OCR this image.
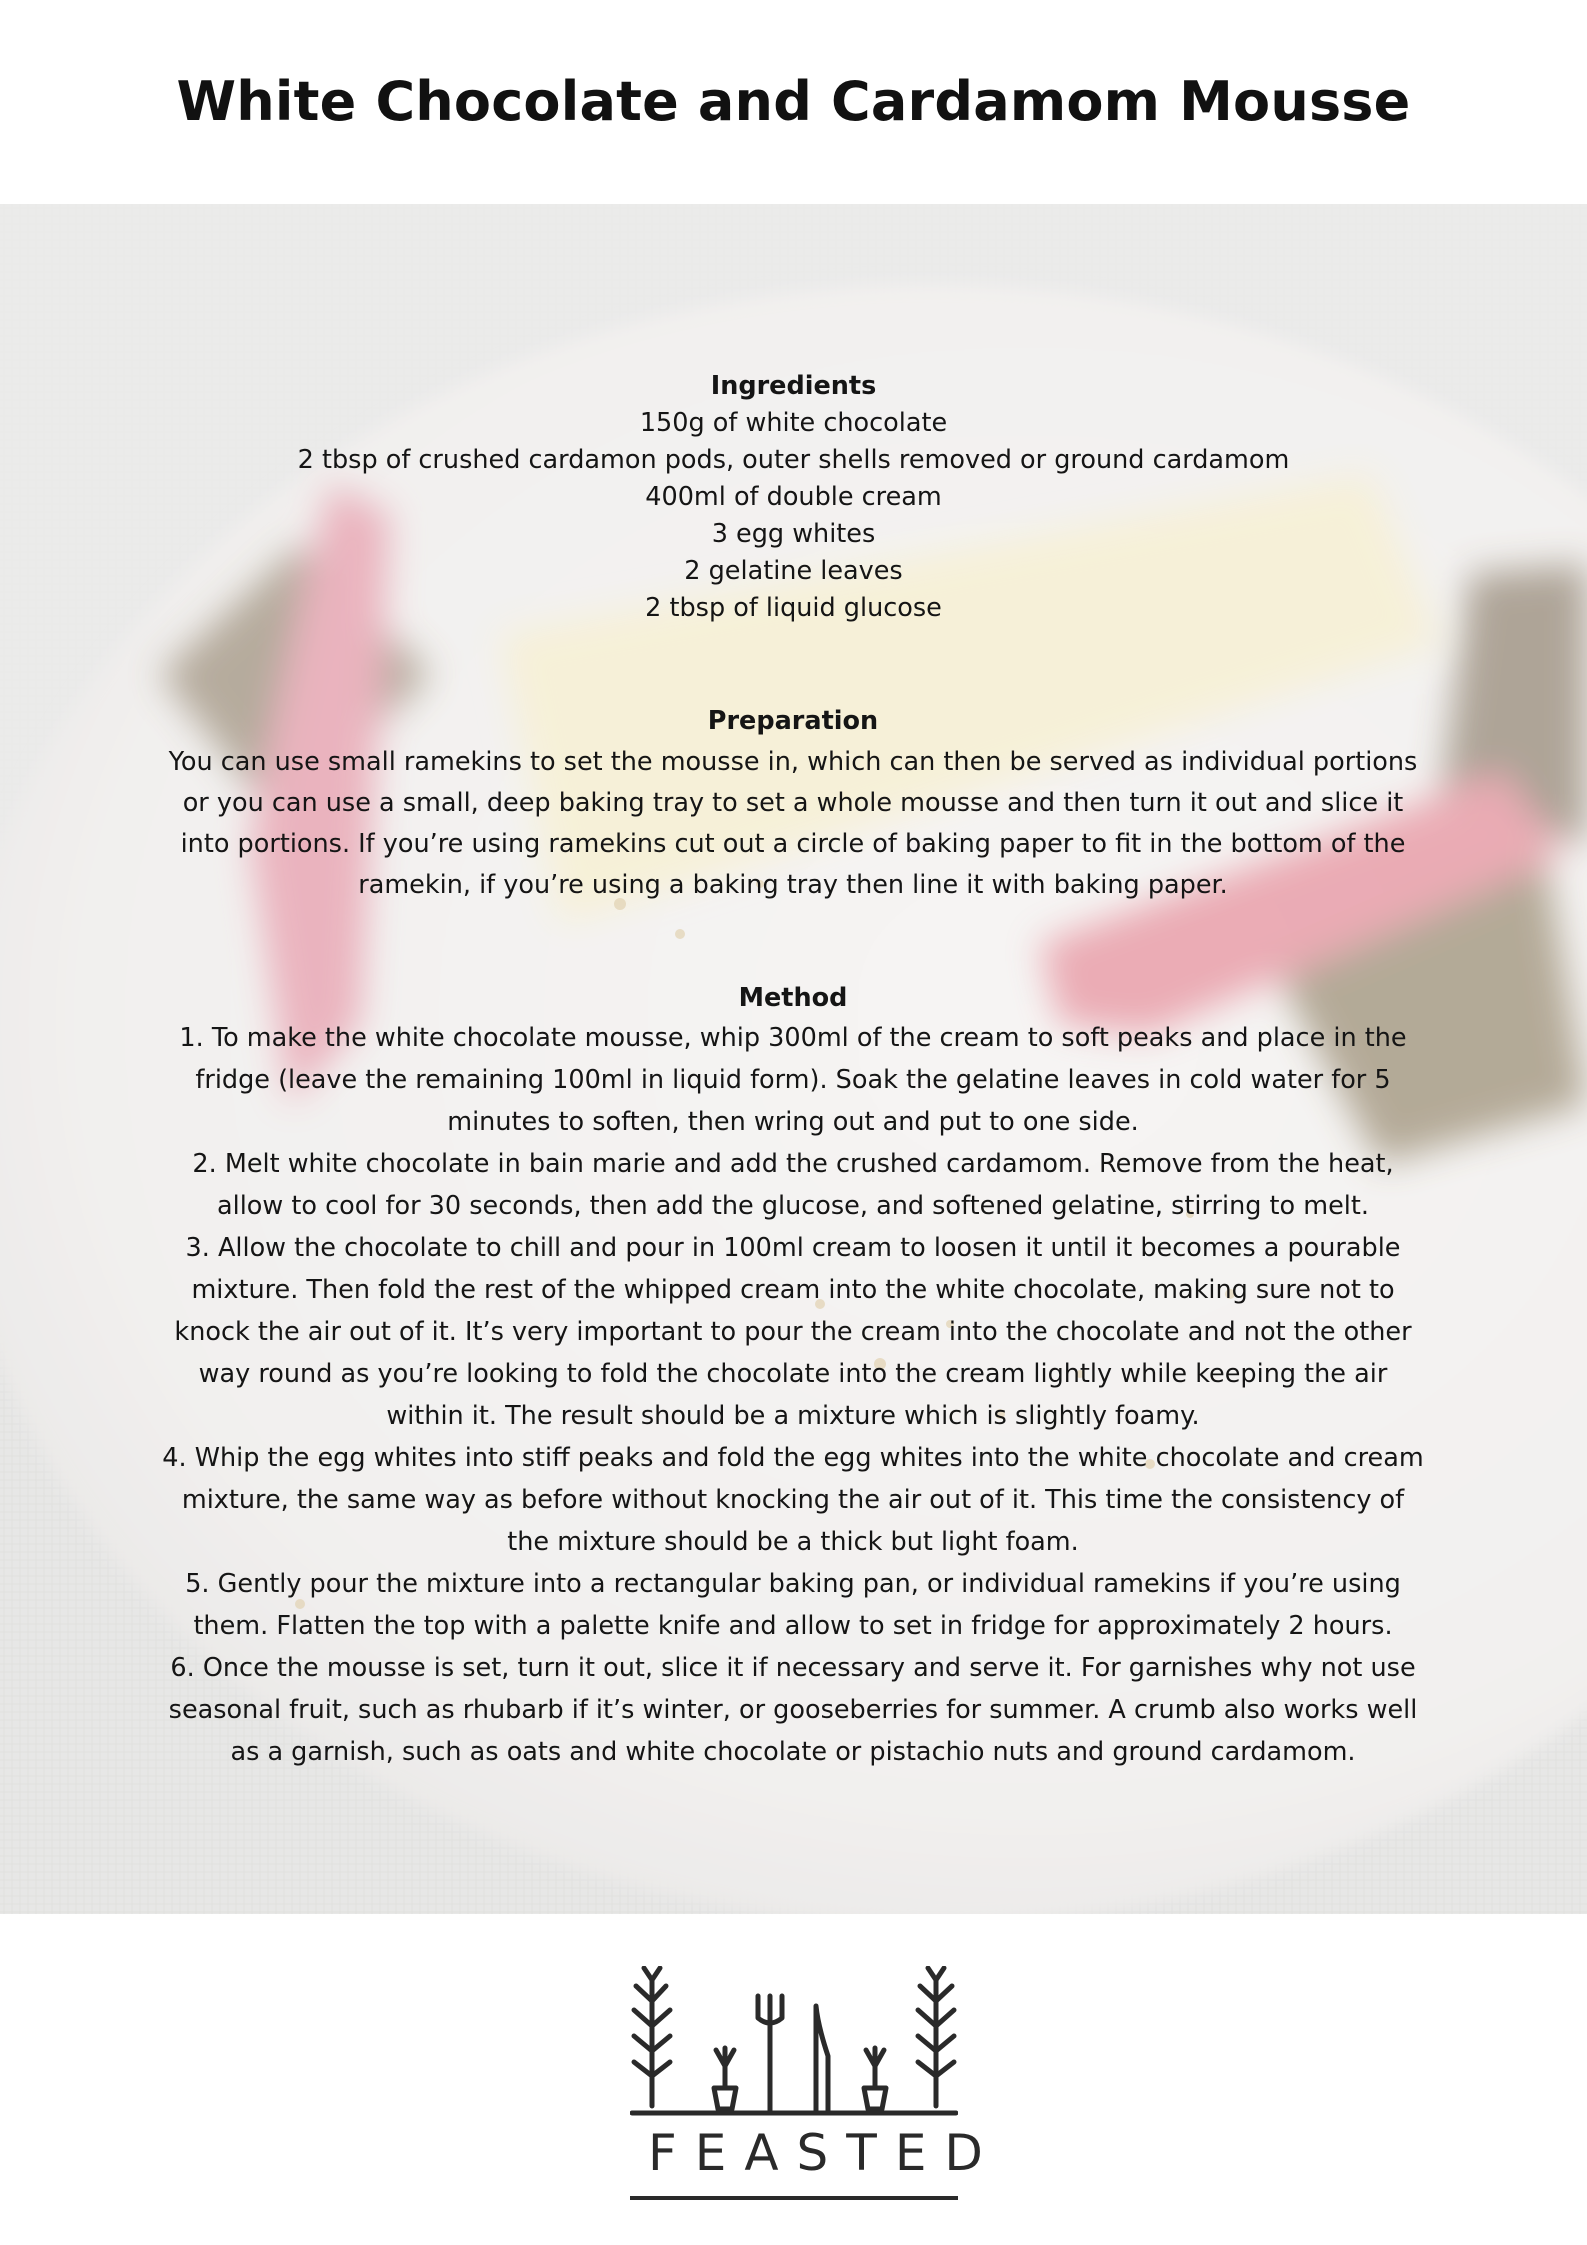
White Chocolate and Cardamom Mousse

Ingredients

150g of white chocolate
2 tbsp of crushed cardamon pods, outer shells removed or ground cardamom
400ml of double cream
3 egg whites
2 gelatine leaves
2 tbsp of liquid glucose

Preparation

You can use small ramekins to set the mousse in, which can then be served as individual portions or you can use a small, deep baking tray to set a whole mousse and then turn it out and slice it into portions. If you’re using ramekins cut out a circle of baking paper to fit in the bottom of the ramekin, if you’re using a baking tray then line it with baking paper.

Method

1. To make the white chocolate mousse, whip 300ml of the cream to soft peaks and place in the fridge (leave the remaining 100ml in liquid form). Soak the gelatine leaves in cold water for 5 minutes to soften, then wring out and put to one side.
2. Melt white chocolate in bain marie and add the crushed cardamom. Remove from the heat, allow to cool for 30 seconds, then add the glucose, and softened gelatine, stirring to melt.
3. Allow the chocolate to chill and pour in 100ml cream to loosen it until it becomes a pourable mixture. Then fold the rest of the whipped cream into the white chocolate, making sure not to knock the air out of it. It’s very important to pour the cream into the chocolate and not the other way round as you’re looking to fold the chocolate into the cream lightly while keeping the air within it. The result should be a mixture which is slightly foamy.
4. Whip the egg whites into stiff peaks and fold the egg whites into the white chocolate and cream mixture, the same way as before without knocking the air out of it. This time the consistency of the mixture should be a thick but light foam.
5. Gently pour the mixture into a rectangular baking pan, or individual ramekins if you’re using them. Flatten the top with a palette knife and allow to set in fridge for approximately 2 hours.
6. Once the mousse is set, turn it out, slice it if necessary and serve it. For garnishes why not use seasonal fruit, such as rhubarb if it’s winter, or gooseberries for summer. A crumb also works well as a garnish, such as oats and white chocolate or pistachio nuts and ground cardamom.
FEASTED
